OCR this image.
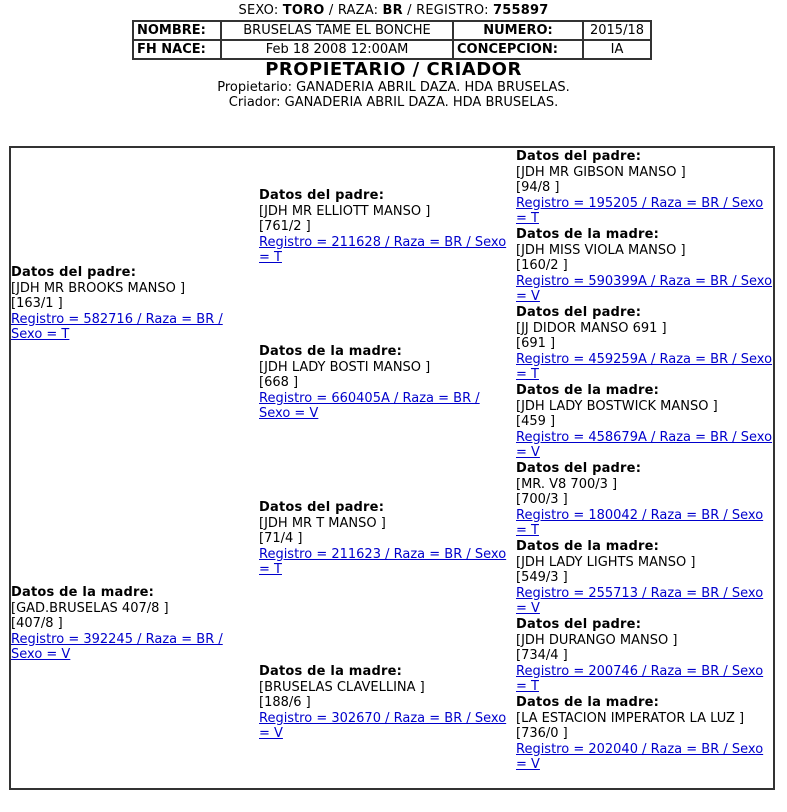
SEXO: TORO / RAZA: BR / REGISTRO: 755897
NOMBRE:	BRUSELAS TAME EL BONCHE	NUMERO:	2015/18
FH NACE:	Feb 18 2008 12:00AM	CONCEPCION:	IA
PROPIETARIO / CRIADOR
Propietario: GANADERIA ABRIL DAZA. HDA BRUSELAS.
Criador: GANADERIA ABRIL DAZA. HDA BRUSELAS.
Datos del padre:
[JDH MR BROOKS MANSO ]
[163/1 ]
Registro = 582716 / Raza = BR / Sexo = T
Datos de la madre:
[GAD.BRUSELAS 407/8 ]
[407/8 ]
Registro = 392245 / Raza = BR / Sexo = V
Datos del padre:
[JDH MR ELLIOTT MANSO ]
[761/2 ]
Registro = 211628 / Raza = BR / Sexo = T
Datos de la madre:
[JDH LADY BOSTI MANSO ]
[668 ]
Registro = 660405A / Raza = BR / Sexo = V
Datos del padre:
[JDH MR T MANSO ]
[71/4 ]
Registro = 211623 / Raza = BR / Sexo = T
Datos de la madre:
[BRUSELAS CLAVELLINA ]
[188/6 ]
Registro = 302670 / Raza = BR / Sexo = V
Datos del padre:
[JDH MR GIBSON MANSO ]
[94/8 ]
Registro = 195205 / Raza = BR / Sexo = T
Datos de la madre:
[JDH MISS VIOLA MANSO ]
[160/2 ]
Registro = 590399A / Raza = BR / Sexo = V
Datos del padre:
[JJ DIDOR MANSO 691 ]
[691 ]
Registro = 459259A / Raza = BR / Sexo = T
Datos de la madre:
[JDH LADY BOSTWICK MANSO ]
[459 ]
Registro = 458679A / Raza = BR / Sexo = V
Datos del padre:
[MR. V8 700/3 ]
[700/3 ]
Registro = 180042 / Raza = BR / Sexo = T
Datos de la madre:
[JDH LADY LIGHTS MANSO ]
[549/3 ]
Registro = 255713 / Raza = BR / Sexo = V
Datos del padre:
[JDH DURANGO MANSO ]
[734/4 ]
Registro = 200746 / Raza = BR / Sexo = T
Datos de la madre:
[LA ESTACION IMPERATOR LA LUZ ]
[736/0 ]
Registro = 202040 / Raza = BR / Sexo = V
